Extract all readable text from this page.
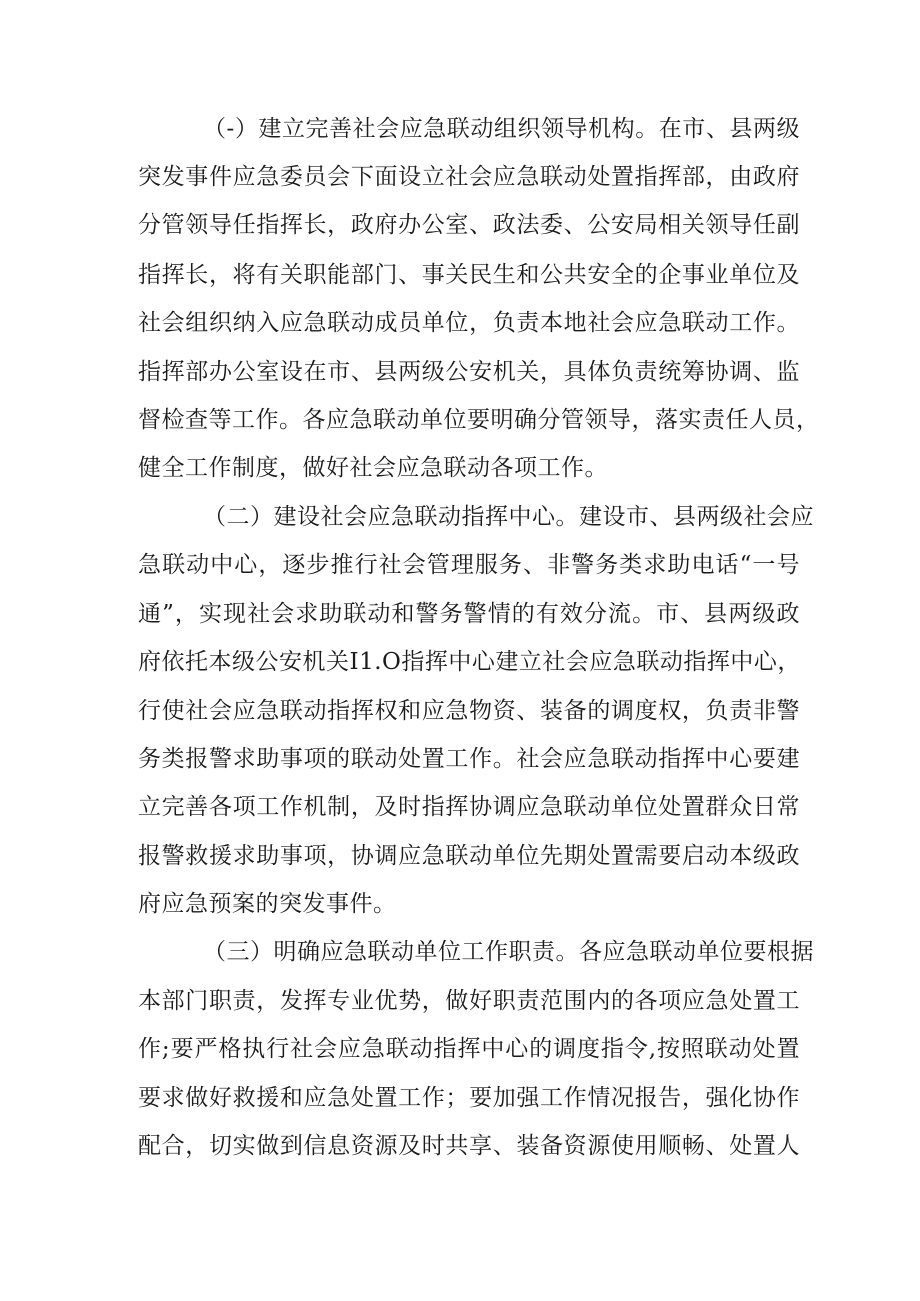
（-）建立完善社会应急联动组织领导机构。在市、县两级
突发事件应急委员会下面设立社会应急联动处置指挥部，由政府
分管领导任指挥长，政府办公室、政法委、公安局相关领导任副
指挥长，将有关职能部门、事关民生和公共安全的企事业单位及
社会组织纳入应急联动成员单位，负责本地社会应急联动工作。
指挥部办公室设在市、县两级公安机关，具体负责统筹协调、监
督检查等工作。各应急联动单位要明确分管领导，落实责任人员，
健全工作制度，做好社会应急联动各项工作。
（二）建设社会应急联动指挥中心。建设市、县两级社会应
急联动中心，逐步推行社会管理服务、非警务类求助电话“一号
通”，实现社会求助联动和警务警情的有效分流。市、县两级政
府依托本级公安机关I1.O指挥中心建立社会应急联动指挥中心，
行使社会应急联动指挥权和应急物资、装备的调度权，负责非警
务类报警求助事项的联动处置工作。社会应急联动指挥中心要建
立完善各项工作机制，及时指挥协调应急联动单位处置群众日常
报警救援求助事项，协调应急联动单位先期处置需要启动本级政
府应急预案的突发事件。
（三）明确应急联动单位工作职责。各应急联动单位要根据
本部门职责，发挥专业优势，做好职责范围内的各项应急处置工
作;要严格执行社会应急联动指挥中心的调度指令,按照联动处置
要求做好救援和应急处置工作；要加强工作情况报告，强化协作
配合，切实做到信息资源及时共享、装备资源使用顺畅、处置人
